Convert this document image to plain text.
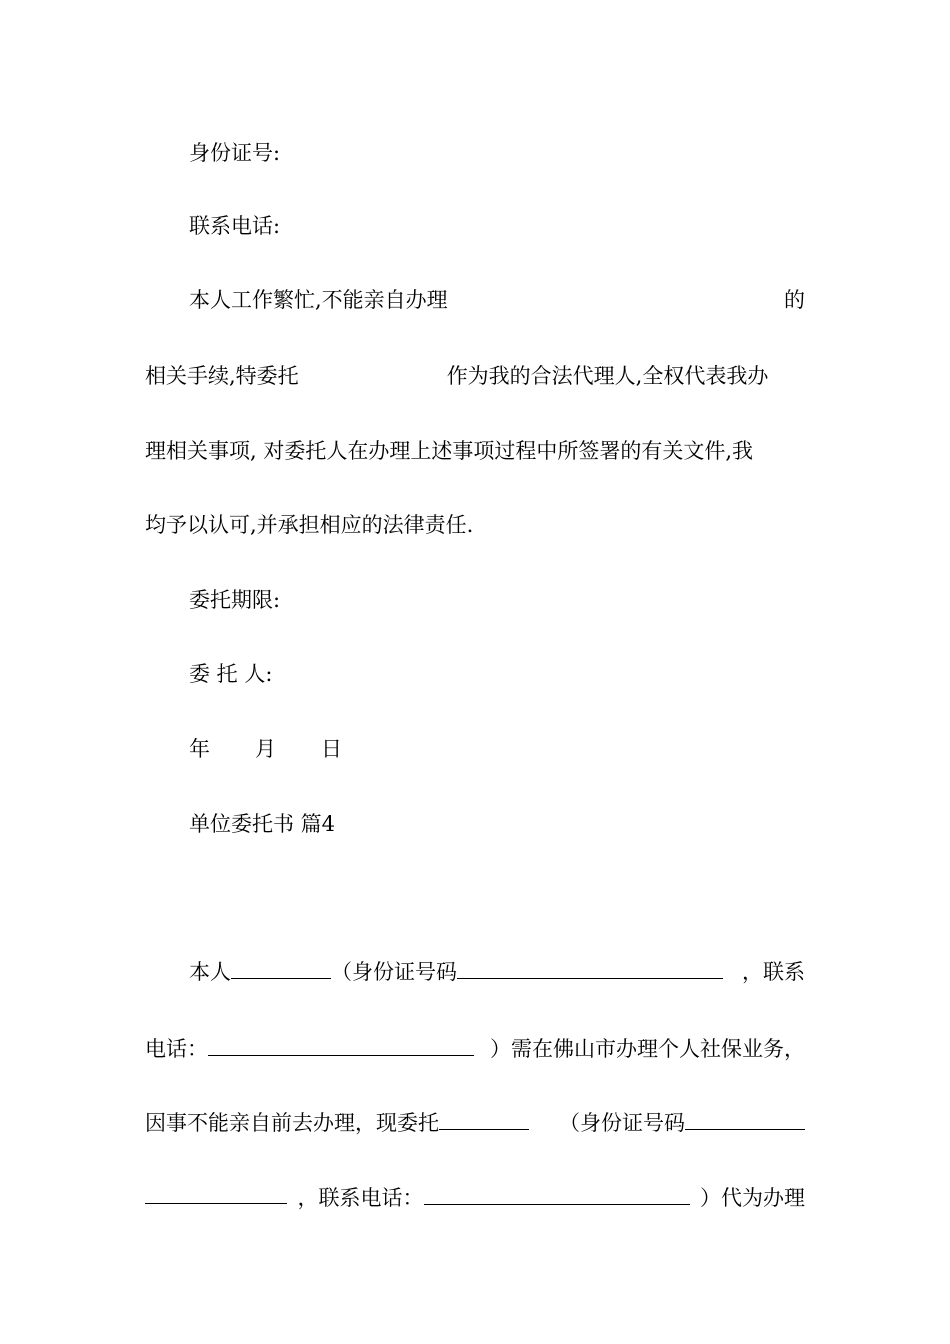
身份证号:

联系电话:

本人工作繁忙,不能亲自办理	的

相关手续,特委托	作为我的合法代理人,全权代表我办

理相关事项, 对委托人在办理上述事项过程中所签署的有关文件,我

均予以认可,并承担相应的法律责任.

委托期限:

委 托 人:

年 月 日

单位委托书 篇4

本人	（身份证号码	，联系

电话：	）需在佛山市办理个人社保业务，

因事不能亲自前去办理，现委托	（身份证号码

，联系电话：	）代为办理
